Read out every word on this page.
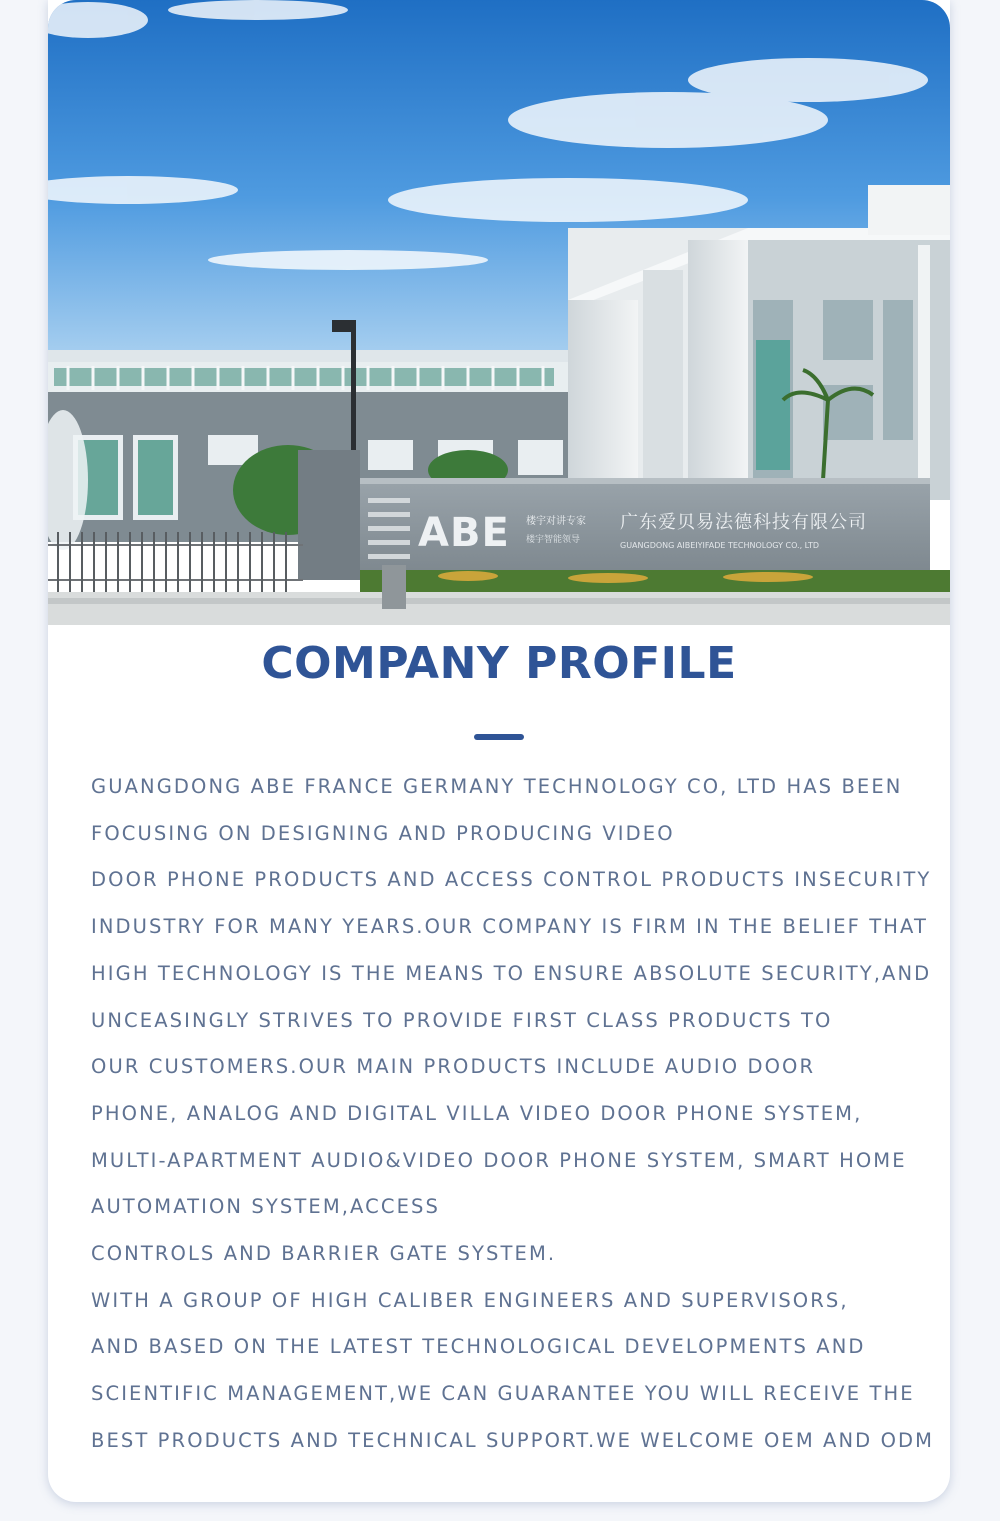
ABE 楼宇对讲专家
楼宇智能领导
广东爱贝易法德科技有限公司
GUANGDONG AIBEIYIFADE TECHNOLOGY CO., LTD
COMPANY PROFILE
GUANGDONG ABE FRANCE GERMANY TECHNOLOGY CO, LTD HAS BEEN
FOCUSING ON DESIGNING AND PRODUCING VIDEO
DOOR PHONE PRODUCTS AND ACCESS CONTROL PRODUCTS INSECURITY
INDUSTRY FOR MANY YEARS.OUR COMPANY IS FIRM IN THE BELIEF THAT
HIGH TECHNOLOGY IS THE MEANS TO ENSURE ABSOLUTE SECURITY,AND
UNCEASINGLY STRIVES TO PROVIDE FIRST CLASS PRODUCTS TO
OUR CUSTOMERS.OUR MAIN PRODUCTS INCLUDE AUDIO DOOR
PHONE, ANALOG AND DIGITAL VILLA VIDEO DOOR PHONE SYSTEM,
MULTI-APARTMENT AUDIO&VIDEO DOOR PHONE SYSTEM, SMART HOME
AUTOMATION SYSTEM,ACCESS
CONTROLS AND BARRIER GATE SYSTEM.
WITH A GROUP OF HIGH CALIBER ENGINEERS AND SUPERVISORS,
AND BASED ON THE LATEST TECHNOLOGICAL DEVELOPMENTS AND
SCIENTIFIC MANAGEMENT,WE CAN GUARANTEE YOU WILL RECEIVE THE
BEST PRODUCTS AND TECHNICAL SUPPORT.WE WELCOME OEM AND ODM
